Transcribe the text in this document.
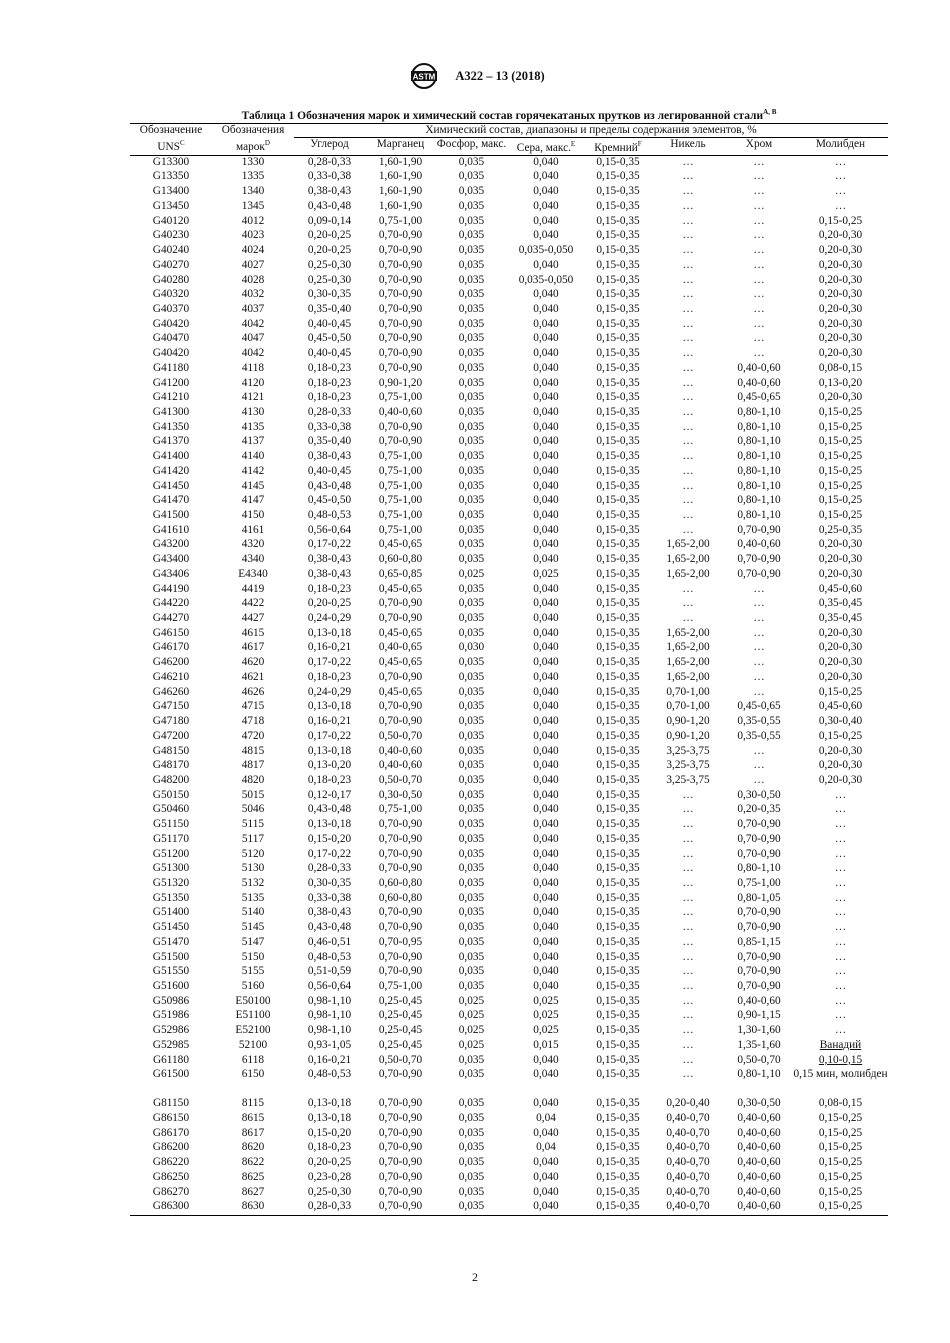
ASTM A322 – 13 (2018)
Таблица 1 Обозначения марок и химический состав горячекатаных прутков из легированной стали$^{A, B}$
Обозначение $UNS^C$	Обозначения марок$^D$	Химический состав, диапазоны и пределы содержания элементов, %							
		Углерод	Марганец	Фосфор, макс.	Сера, макс.$^E$	Кремний$^F$	Никель	Хром	Молибден
G13300	1330	0,28-0,33	1,60-1,90	0,035	0,040	0,15-0,35	…	…	…
G13350	1335	0,33-0,38	1,60-1,90	0,035	0,040	0,15-0,35	…	…	…
G13400	1340	0,38-0,43	1,60-1,90	0,035	0,040	0,15-0,35	…	…	…
G13450	1345	0,43-0,48	1,60-1,90	0,035	0,040	0,15-0,35	…	…	…
G40120	4012	0,09-0,14	0,75-1,00	0,035	0,040	0,15-0,35	…	…	0,15-0,25
G40230	4023	0,20-0,25	0,70-0,90	0,035	0,040	0,15-0,35	…	…	0,20-0,30
G40240	4024	0,20-0,25	0,70-0,90	0,035	0,035-0,050	0,15-0,35	…	…	0,20-0,30
G40270	4027	0,25-0,30	0,70-0,90	0,035	0,040	0,15-0,35	…	…	0,20-0,30
G40280	4028	0,25-0,30	0,70-0,90	0,035	0,035-0,050	0,15-0,35	…	…	0,20-0,30
G40320	4032	0,30-0,35	0,70-0,90	0,035	0,040	0,15-0,35	…	…	0,20-0,30
G40370	4037	0,35-0,40	0,70-0,90	0,035	0,040	0,15-0,35	…	…	0,20-0,30
G40420	4042	0,40-0,45	0,70-0,90	0,035	0,040	0,15-0,35	…	…	0,20-0,30
G40470	4047	0,45-0,50	0,70-0,90	0,035	0,040	0,15-0,35	…	…	0,20-0,30
G40420	4042	0,40-0,45	0,70-0,90	0,035	0,040	0,15-0,35	…	…	0,20-0,30
G41180	4118	0,18-0,23	0,70-0,90	0,035	0,040	0,15-0,35	…	0,40-0,60	0,08-0,15
G41200	4120	0,18-0,23	0,90-1,20	0,035	0,040	0,15-0,35	…	0,40-0,60	0,13-0,20
G41210	4121	0,18-0,23	0,75-1,00	0,035	0,040	0,15-0,35	…	0,45-0,65	0,20-0,30
G41300	4130	0,28-0,33	0,40-0,60	0,035	0,040	0,15-0,35	…	0,80-1,10	0,15-0,25
G41350	4135	0,33-0,38	0,70-0,90	0,035	0,040	0,15-0,35	…	0,80-1,10	0,15-0,25
G41370	4137	0,35-0,40	0,70-0,90	0,035	0,040	0,15-0,35	…	0,80-1,10	0,15-0,25
G41400	4140	0,38-0,43	0,75-1,00	0,035	0,040	0,15-0,35	…	0,80-1,10	0,15-0,25
G41420	4142	0,40-0,45	0,75-1,00	0,035	0,040	0,15-0,35	…	0,80-1,10	0,15-0,25
G41450	4145	0,43-0,48	0,75-1,00	0,035	0,040	0,15-0,35	…	0,80-1,10	0,15-0,25
G41470	4147	0,45-0,50	0,75-1,00	0,035	0,040	0,15-0,35	…	0,80-1,10	0,15-0,25
G41500	4150	0,48-0,53	0,75-1,00	0,035	0,040	0,15-0,35	…	0,80-1,10	0,15-0,25
G41610	4161	0,56-0,64	0,75-1,00	0,035	0,040	0,15-0,35	…	0,70-0,90	0,25-0,35
G43200	4320	0,17-0,22	0,45-0,65	0,035	0,040	0,15-0,35	1,65-2,00	0,40-0,60	0,20-0,30
G43400	4340	0,38-0,43	0,60-0,80	0,035	0,040	0,15-0,35	1,65-2,00	0,70-0,90	0,20-0,30
G43406	E4340	0,38-0,43	0,65-0,85	0,025	0,025	0,15-0,35	1,65-2,00	0,70-0,90	0,20-0,30
G44190	4419	0,18-0,23	0,45-0,65	0,035	0,040	0,15-0,35	…	…	0,45-0,60
G44220	4422	0,20-0,25	0,70-0,90	0,035	0,040	0,15-0,35	…	…	0,35-0,45
G44270	4427	0,24-0,29	0,70-0,90	0,035	0,040	0,15-0,35	…	…	0,35-0,45
G46150	4615	0,13-0,18	0,45-0,65	0,035	0,040	0,15-0,35	1,65-2,00	…	0,20-0,30
G46170	4617	0,16-0,21	0,40-0,65	0,030	0,040	0,15-0,35	1,65-2,00	…	0,20-0,30
G46200	4620	0,17-0,22	0,45-0,65	0,035	0,040	0,15-0,35	1,65-2,00	…	0,20-0,30
G46210	4621	0,18-0,23	0,70-0,90	0,035	0,040	0,15-0,35	1,65-2,00	…	0,20-0,30
G46260	4626	0,24-0,29	0,45-0,65	0,035	0,040	0,15-0,35	0,70-1,00	…	0,15-0,25
G47150	4715	0,13-0,18	0,70-0,90	0,035	0,040	0,15-0,35	0,70-1,00	0,45-0,65	0,45-0,60
G47180	4718	0,16-0,21	0,70-0,90	0,035	0,040	0,15-0,35	0,90-1,20	0,35-0,55	0,30-0,40
G47200	4720	0,17-0,22	0,50-0,70	0,035	0,040	0,15-0,35	0,90-1,20	0,35-0,55	0,15-0,25
G48150	4815	0,13-0,18	0,40-0,60	0,035	0,040	0,15-0,35	3,25-3,75	…	0,20-0,30
G48170	4817	0,13-0,20	0,40-0,60	0,035	0,040	0,15-0,35	3,25-3,75	…	0,20-0,30
G48200	4820	0,18-0,23	0,50-0,70	0,035	0,040	0,15-0,35	3,25-3,75	…	0,20-0,30
G50150	5015	0,12-0,17	0,30-0,50	0,035	0,040	0,15-0,35	…	0,30-0,50	…
G50460	5046	0,43-0,48	0,75-1,00	0,035	0,040	0,15-0,35	…	0,20-0,35	…
G51150	5115	0,13-0,18	0,70-0,90	0,035	0,040	0,15-0,35	…	0,70-0,90	…
G51170	5117	0,15-0,20	0,70-0,90	0,035	0,040	0,15-0,35	…	0,70-0,90	…
G51200	5120	0,17-0,22	0,70-0,90	0,035	0,040	0,15-0,35	…	0,70-0,90	…
G51300	5130	0,28-0,33	0,70-0,90	0,035	0,040	0,15-0,35	…	0,80-1,10	…
G51320	5132	0,30-0,35	0,60-0,80	0,035	0,040	0,15-0,35	…	0,75-1,00	…
G51350	5135	0,33-0,38	0,60-0,80	0,035	0,040	0,15-0,35	…	0,80-1,05	…
G51400	5140	0,38-0,43	0,70-0,90	0,035	0,040	0,15-0,35	…	0,70-0,90	…
G51450	5145	0,43-0,48	0,70-0,90	0,035	0,040	0,15-0,35	…	0,70-0,90	…
G51470	5147	0,46-0,51	0,70-0,95	0,035	0,040	0,15-0,35	…	0,85-1,15	…
G51500	5150	0,48-0,53	0,70-0,90	0,035	0,040	0,15-0,35	…	0,70-0,90	…
G51550	5155	0,51-0,59	0,70-0,90	0,035	0,040	0,15-0,35	…	0,70-0,90	…
G51600	5160	0,56-0,64	0,75-1,00	0,035	0,040	0,15-0,35	…	0,70-0,90	…
G50986	E50100	0,98-1,10	0,25-0,45	0,025	0,025	0,15-0,35	…	0,40-0,60	…
G51986	E51100	0,98-1,10	0,25-0,45	0,025	0,025	0,15-0,35	…	0,90-1,15	…
G52986	E52100	0,98-1,10	0,25-0,45	0,025	0,025	0,15-0,35	…	1,30-1,60	…
G52985	52100	0,93-1,05	0,25-0,45	0,025	0,015	0,15-0,35	…	1,35-1,60	Ванадий
G61180	6118	0,16-0,21	0,50-0,70	0,035	0,040	0,15-0,35	…	0,50-0,70	0,10-0,15
G61500	6150	0,48-0,53	0,70-0,90	0,035	0,040	0,15-0,35	…	0,80-1,10	0,15 мин, молибден
G81150	8115	0,13-0,18	0,70-0,90	0,035	0,040	0,15-0,35	0,20-0,40	0,30-0,50	0,08-0,15
G86150	8615	0,13-0,18	0,70-0,90	0,035	0,04	0,15-0,35	0,40-0,70	0,40-0,60	0,15-0,25
G86170	8617	0,15-0,20	0,70-0,90	0,035	0,040	0,15-0,35	0,40-0,70	0,40-0,60	0,15-0,25
G86200	8620	0,18-0,23	0,70-0,90	0,035	0,04	0,15-0,35	0,40-0,70	0,40-0,60	0,15-0,25
G86220	8622	0,20-0,25	0,70-0,90	0,035	0,040	0,15-0,35	0,40-0,70	0,40-0,60	0,15-0,25
G86250	8625	0,23-0,28	0,70-0,90	0,035	0,040	0,15-0,35	0,40-0,70	0,40-0,60	0,15-0,25
G86270	8627	0,25-0,30	0,70-0,90	0,035	0,040	0,15-0,35	0,40-0,70	0,40-0,60	0,15-0,25
G86300	8630	0,28-0,33	0,70-0,90	0,035	0,040	0,15-0,35	0,40-0,70	0,40-0,60	0,15-0,25
2
